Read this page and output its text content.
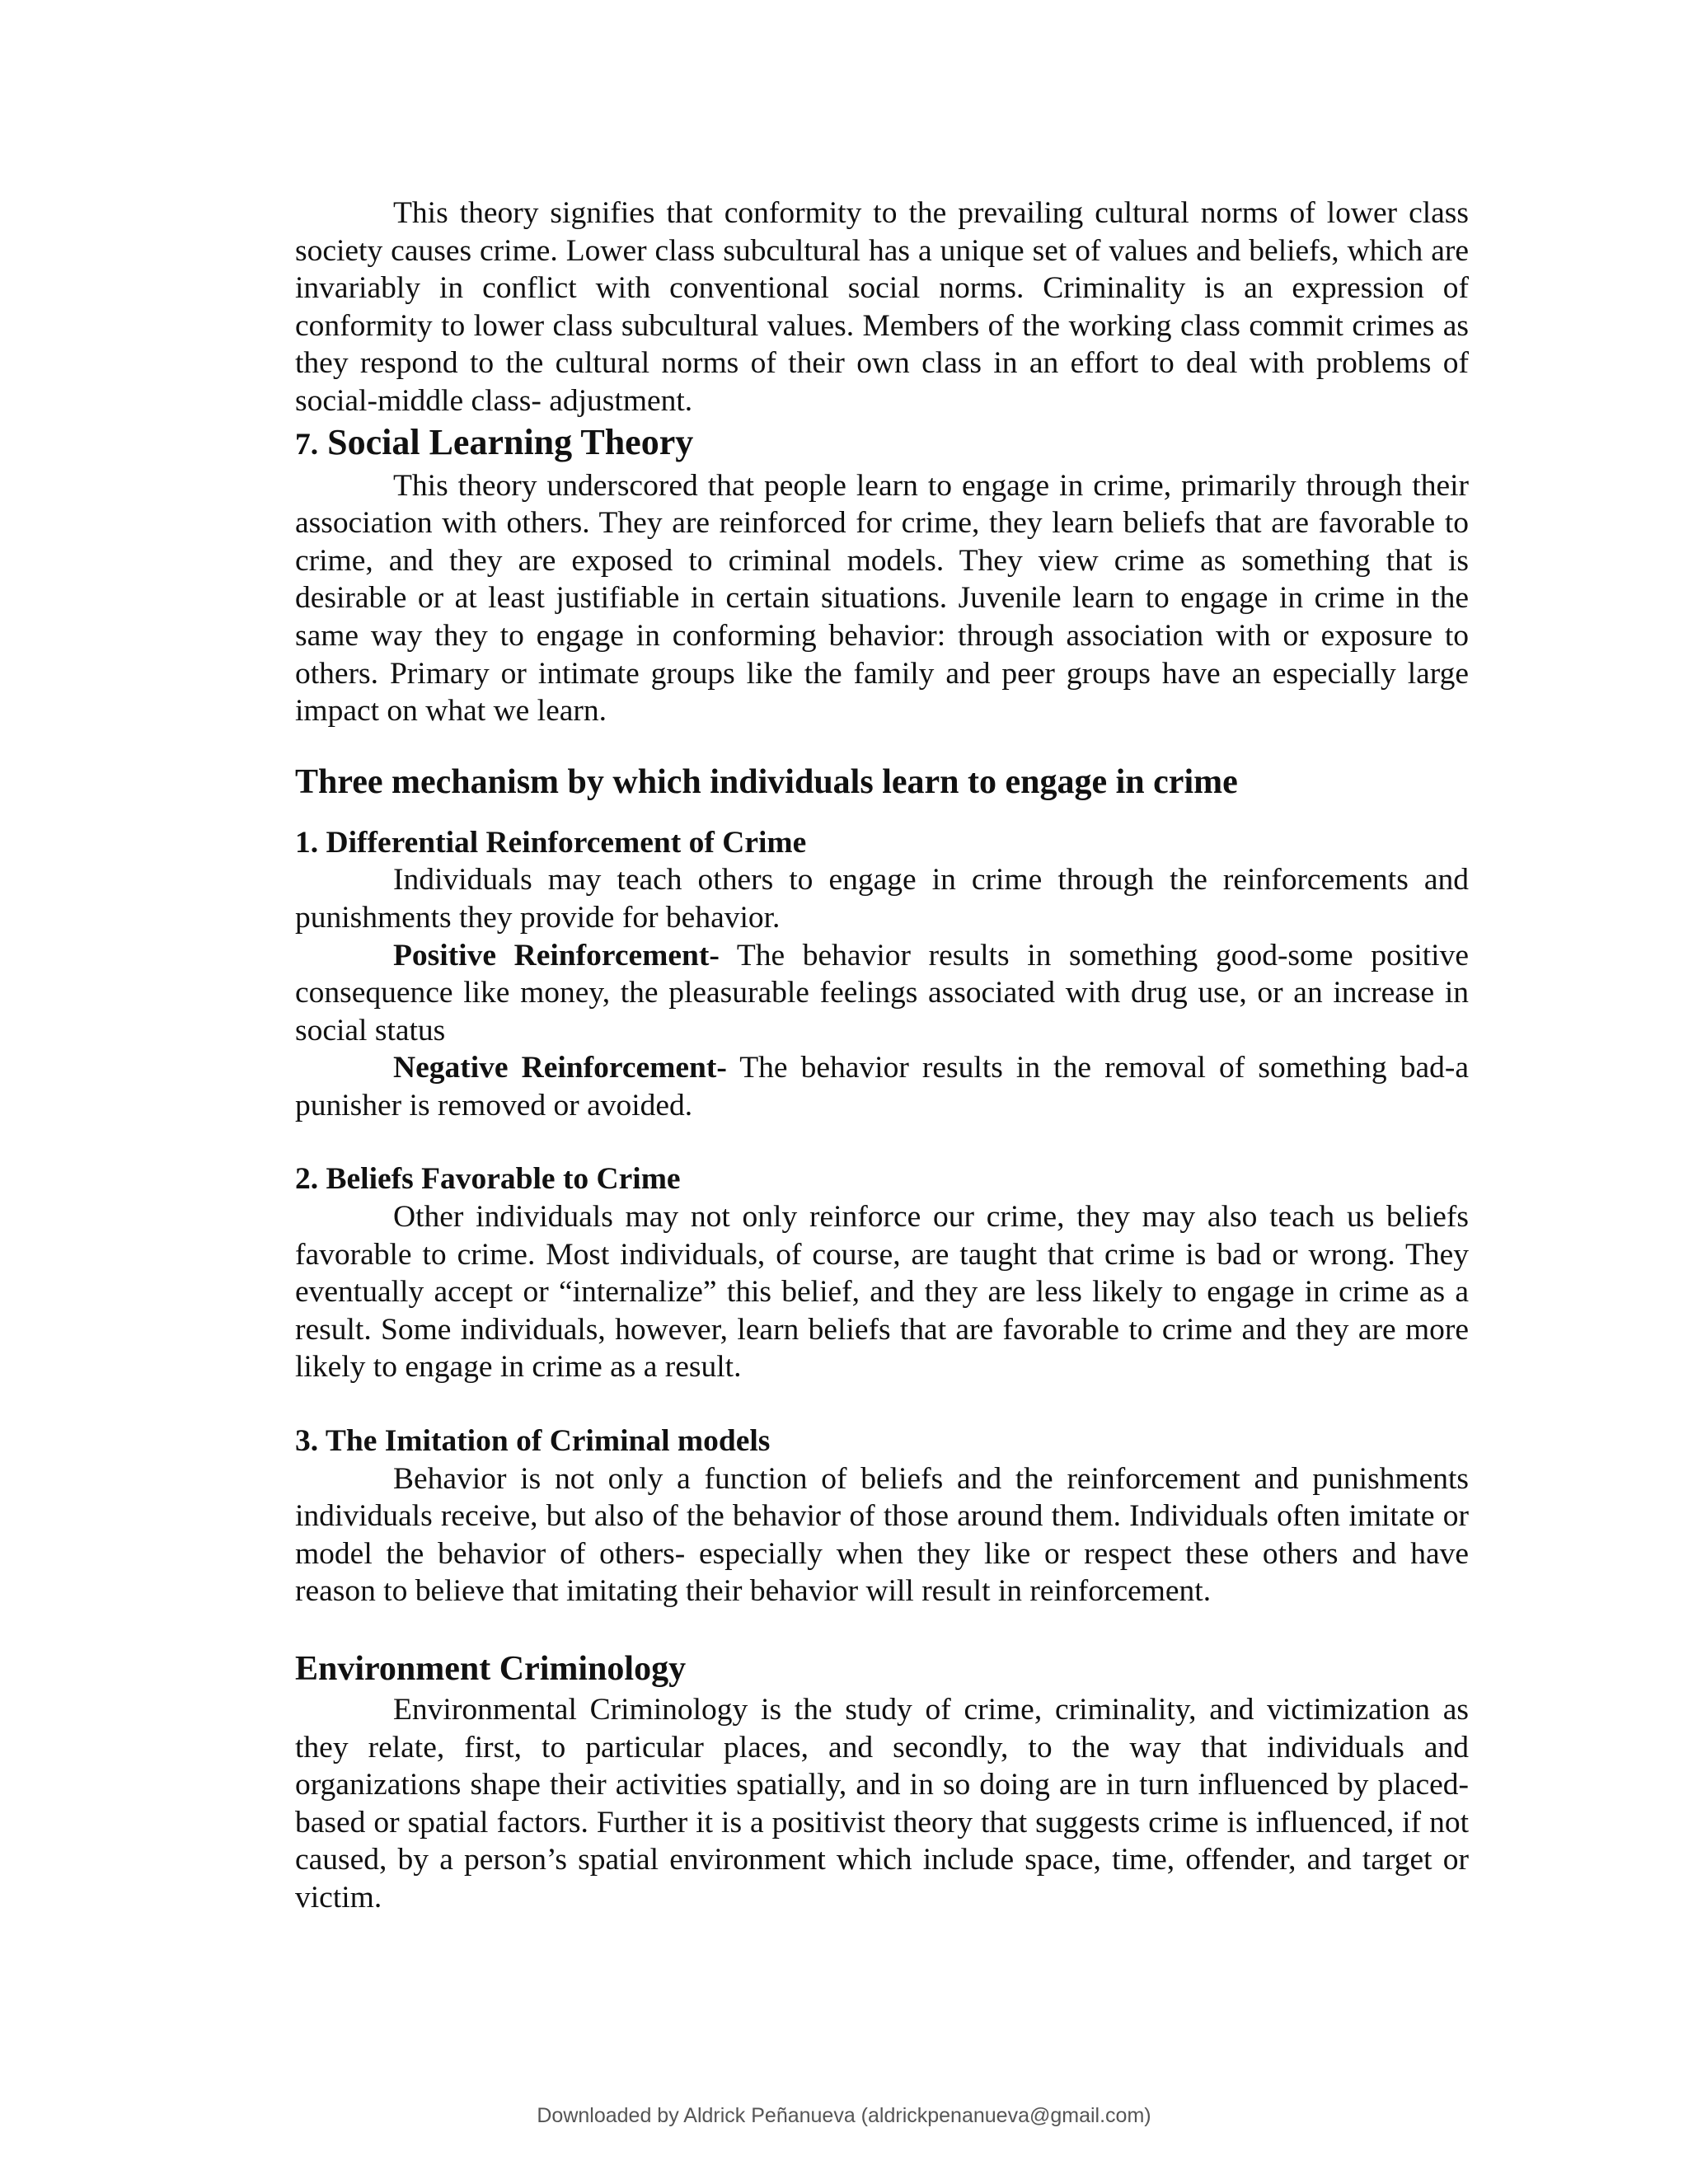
This theory signifies that conformity to the prevailing cultural norms of lower class society causes crime. Lower class subcultural has a unique set of values and beliefs, which are invariably in conflict with conventional social norms. Criminality is an expression of conformity to lower class subcultural values. Members of the working class commit crimes as they respond to the cultural norms of their own class in an effort to deal with problems of social-middle class- adjustment.

7. Social Learning Theory

This theory underscored that people learn to engage in crime, primarily through their association with others. They are reinforced for crime, they learn beliefs that are favorable to crime, and they are exposed to criminal models. They view crime as something that is desirable or at least justifiable in certain situations. Juvenile learn to engage in crime in the same way they to engage in conforming behavior: through association with or exposure to others. Primary or intimate groups like the family and peer groups have an especially large impact on what we learn.

Three mechanism by which individuals learn to engage in crime
1. Differential Reinforcement of Crime

Individuals may teach others to engage in crime through the reinforcements and punishments they provide for behavior.

Positive Reinforcement- The behavior results in something good-some positive consequence like money, the pleasurable feelings associated with drug use, or an increase in social status

Negative Reinforcement- The behavior results in the removal of something bad-a punisher is removed or avoided.

2. Beliefs Favorable to Crime

Other individuals may not only reinforce our crime, they may also teach us beliefs favorable to crime. Most individuals, of course, are taught that crime is bad or wrong. They eventually accept or “internalize” this belief, and they are less likely to engage in crime as a result. Some individuals, however, learn beliefs that are favorable to crime and they are more likely to engage in crime as a result.

3. The Imitation of Criminal models

Behavior is not only a function of beliefs and the reinforcement and punishments individuals receive, but also of the behavior of those around them. Individuals often imitate or model the behavior of others- especially when they like or respect these others and have reason to believe that imitating their behavior will result in reinforcement.

Environment Criminology

Environmental Criminology is the study of crime, criminality, and victimization as they relate, first, to particular places, and secondly, to the way that individuals and organizations shape their activities spatially, and in so doing are in turn influenced by placed-based or spatial factors. Further it is a positivist theory that suggests crime is influenced, if not caused, by a person’s spatial environment which include space, time, offender, and target or victim.

Downloaded by Aldrick Peñanueva (aldrickpenanueva@gmail.com)
